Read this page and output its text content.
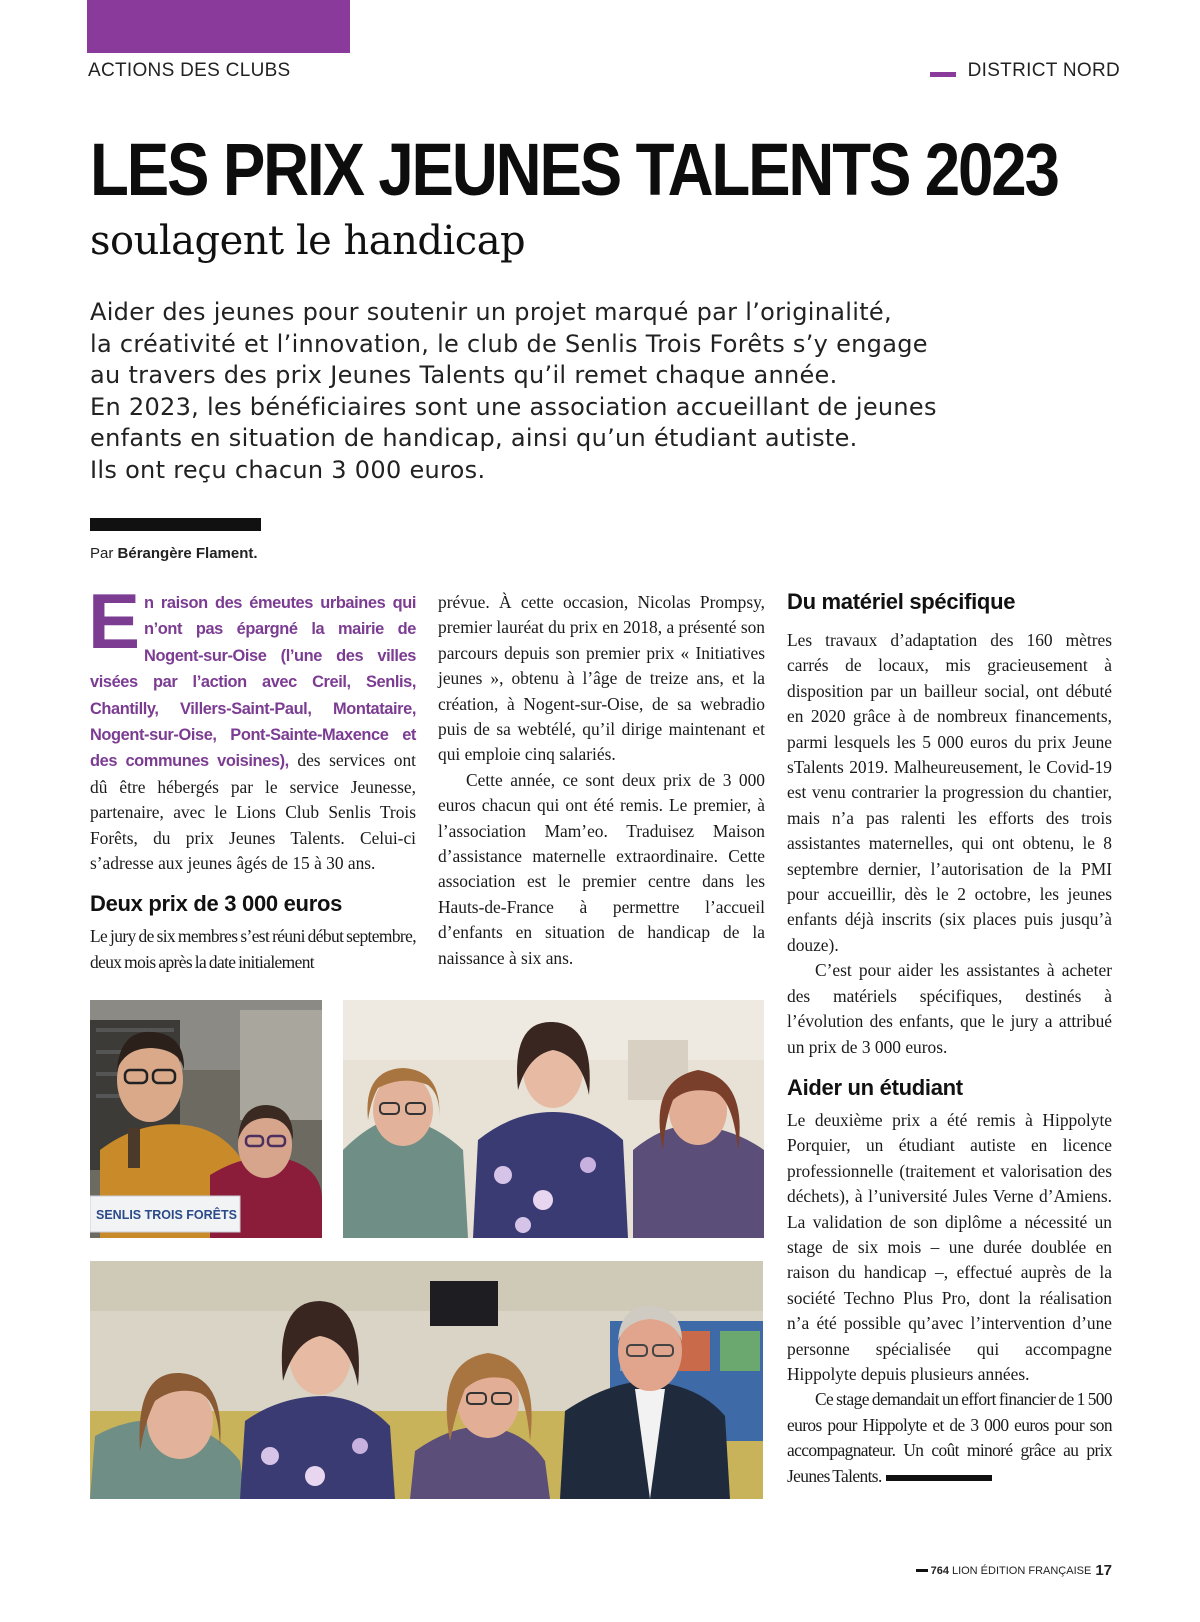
ACTIONS DES CLUBS	DISTRICT NORD
LES PRIX JEUNES TALENTS 2023
soulagent le handicap

Aider des jeunes pour soutenir un projet marqué par l’originalité,

la créativité et l’innovation, le club de Senlis Trois Forêts s’y engage

au travers des prix Jeunes Talents qu’il remet chaque année.

En 2023, les bénéficiaires sont une association accueillant de jeunes

enfants en situation de handicap, ainsi qu’un étudiant autiste.

Ils ont reçu chacun 3 000 euros.

Par Bérangère Flament.

En raison des émeutes urbaines qui n’ont pas épargné la mairie de Nogent-sur-Oise (l’une des villes visées par l’action avec Creil, Senlis, Chantilly, Villers-Saint-Paul, Montataire, Nogent-sur-Oise, Pont-Sainte-Maxence et des communes voisines), des services ont dû être hébergés par le service Jeunesse, partenaire, avec le Lions Club Senlis Trois Forêts, du prix Jeunes Talents. Celui-ci s’adresse aux jeunes âgés de 15 à 30 ans.

Deux prix de 3 000 euros

Le jury de six membres s’est réuni début septembre, deux mois après la date initialement

prévue. À cette occasion, Nicolas Prompsy, premier lauréat du prix en 2018, a présenté son parcours depuis son premier prix « Initiatives jeunes », obtenu à l’âge de treize ans, et la création, à Nogent-sur-Oise, de sa webradio puis de sa webtélé, qu’il dirige maintenant et qui emploie cinq salariés.

Cette année, ce sont deux prix de 3 000 euros chacun qui ont été remis. Le premier, à l’association Mam’eo. Traduisez Maison d’assistance maternelle extraordinaire. Cette association est le premier centre dans les Hauts-de-France à permettre l’accueil d’enfants en situation de handicap de la naissance à six ans.

Du matériel spécifique

Les travaux d’adaptation des 160 mètres carrés de locaux, mis gracieusement à disposition par un bailleur social, ont débuté en 2020 grâce à de nombreux financements, parmi lesquels les 5 000 euros du prix Jeune sTalents 2019. Malheureusement, le Covid-19 est venu contrarier la progression du chantier, mais n’a pas ralenti les efforts des trois assistantes maternelles, qui ont obtenu, le 8 septembre dernier, l’autorisation de la PMI pour accueillir, dès le 2 octobre, les jeunes enfants déjà inscrits (six places puis jusqu’à douze).

C’est pour aider les assistantes à acheter des matériels spécifiques, destinés à l’évolution des enfants, que le jury a attribué un prix de 3 000 euros.

Aider un étudiant

Le deuxième prix a été remis à Hippolyte Porquier, un étudiant autiste en licence professionnelle (traitement et valorisation des déchets), à l’université Jules Verne d’Amiens. La validation de son diplôme a nécessité un stage de six mois – une durée doublée en raison du handicap –, effectué auprès de la société Techno Plus Pro, dont la réalisation n’a été possible qu’avec l’intervention d’une personne spécialisée qui accompagne Hippolyte depuis plusieurs années.

Ce stage demandait un effort financier de 1 500 euros pour Hippolyte et de 3 000 euros pour son accompagnateur. Un coût minoré grâce au prix Jeunes Talents.

SENLIS TROIS FORÊTS
764 LION ÉDITION FRANÇAISE 17
